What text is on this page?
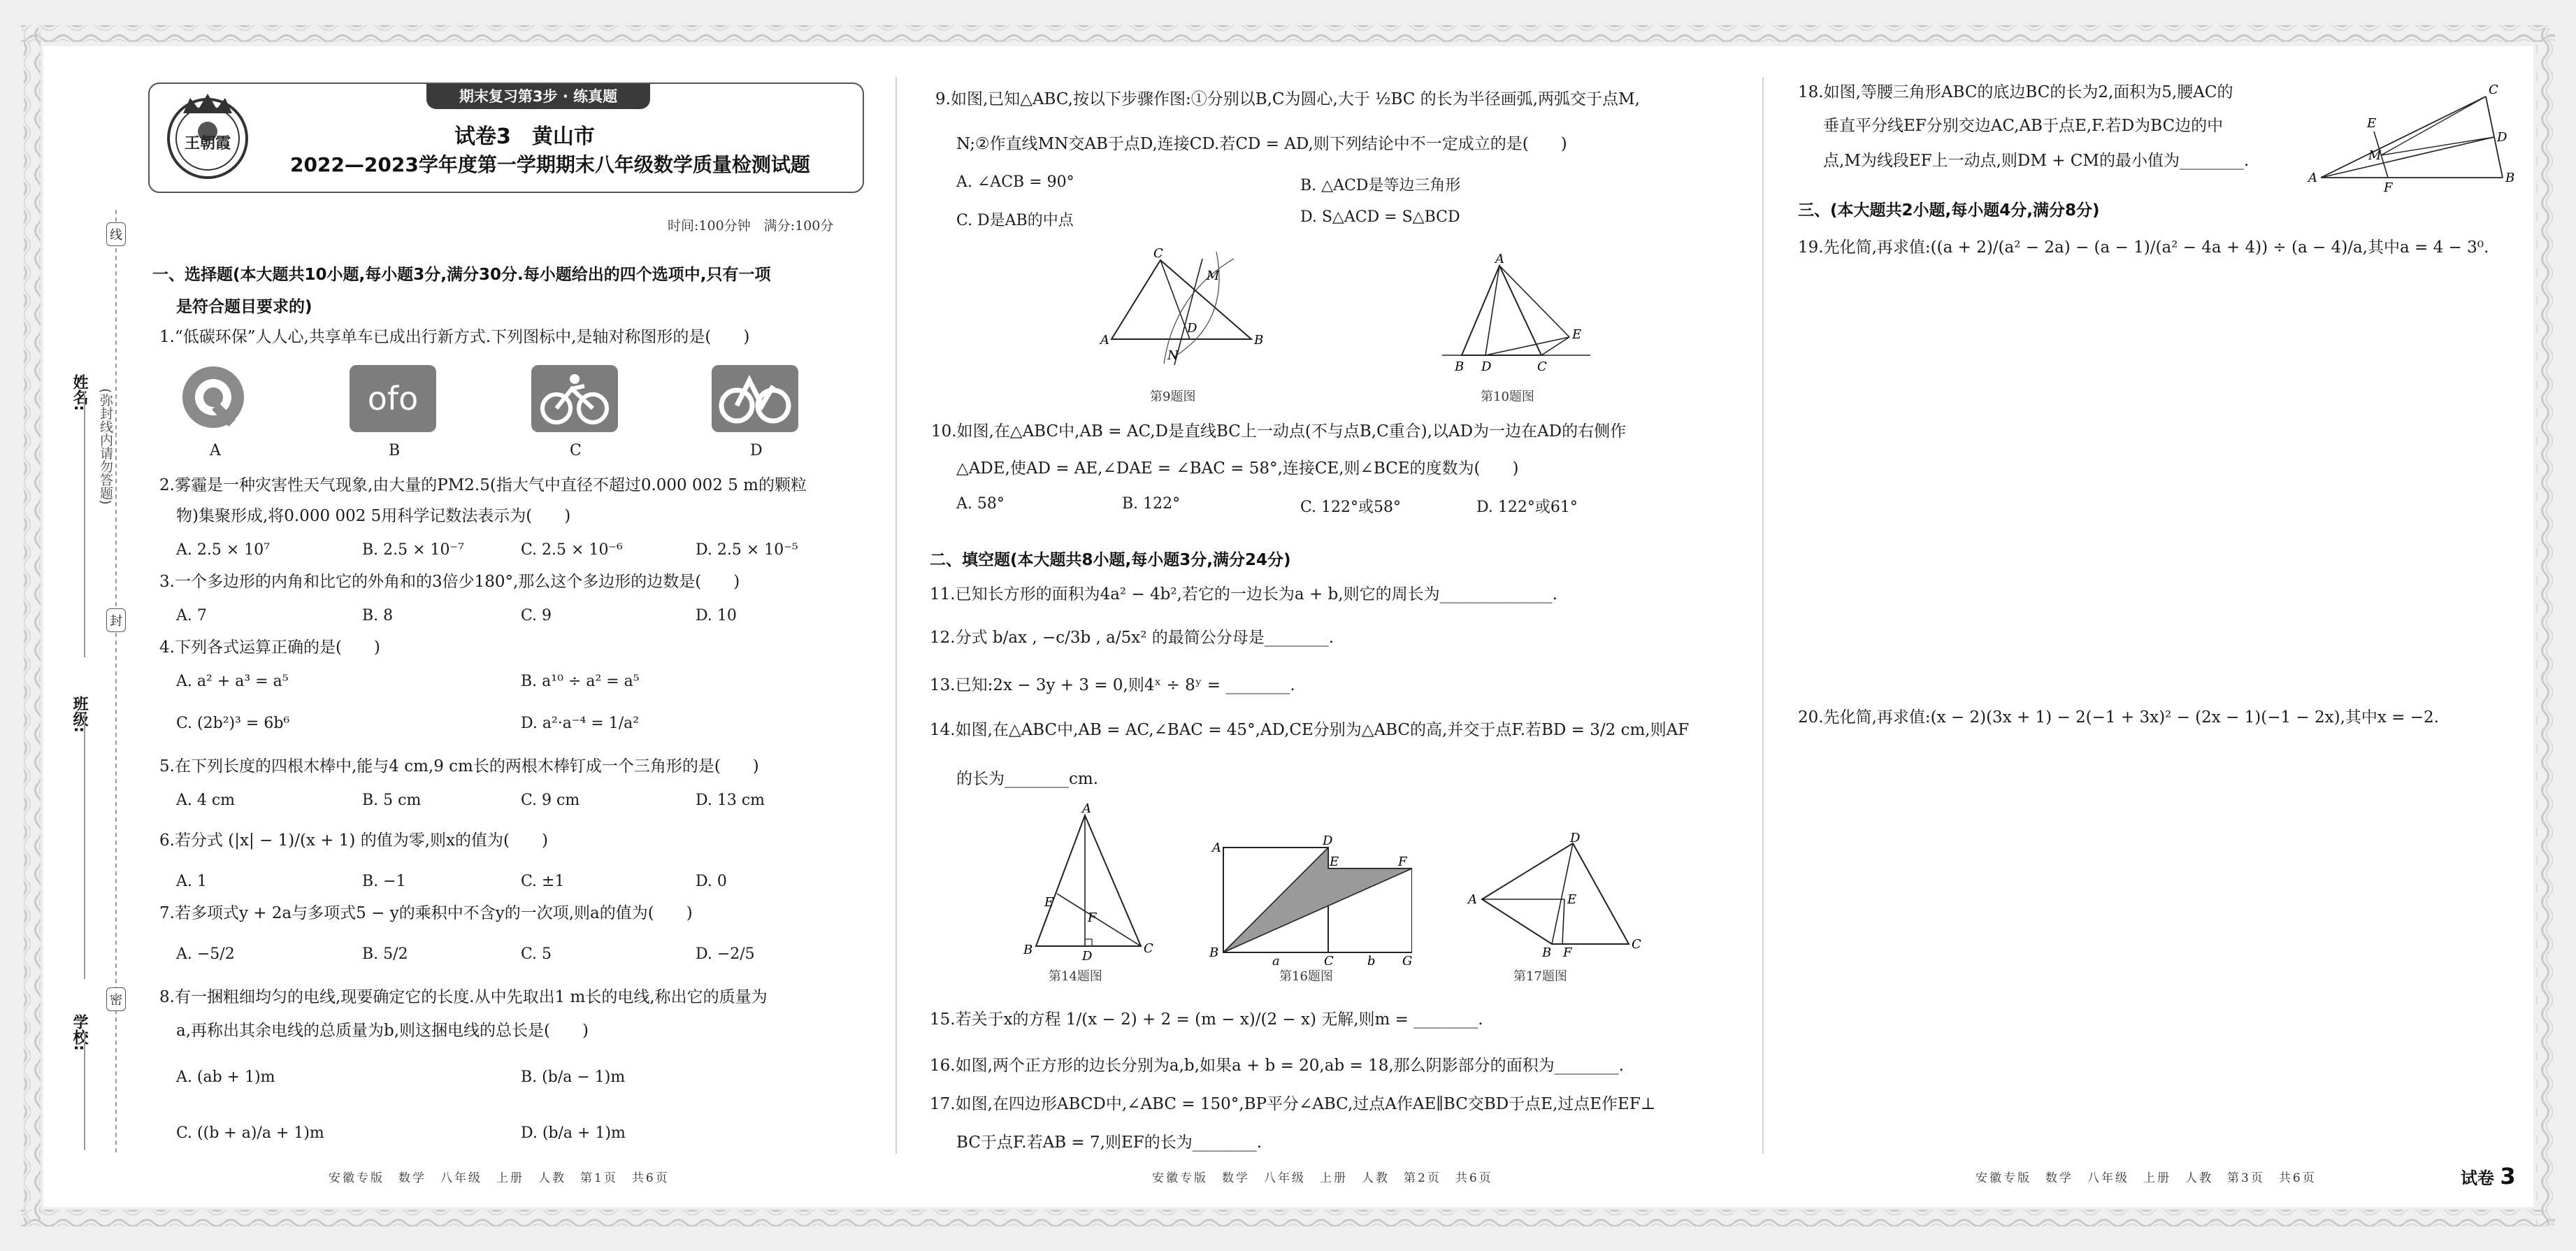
姓名:
班级:
学校:
线
封
密
(弥封线内请勿答题)
期末复习第3步 · 练真题
王朝霞	试卷3　黄山市
2022—2023学年度第一学期期末八年级数学质量检测试题
时间:100分钟　满分:100分
一、选择题(本大题共10小题,每小题3分,满分30分.每小题给出的四个选项中,只有一项
是符合题目要求的)
1.“低碳环保”人人心,共享单车已成出行新方式.下列图标中,是轴对称图形的是(　　)
ofo
A	B	C	D
2.雾霾是一种灾害性天气现象,由大量的PM2.5(指大气中直径不超过0.000 002 5 m的颗粒
物)集聚形成,将0.000 002 5用科学记数法表示为(　　)
A. 2.5 × 10⁷	B. 2.5 × 10⁻⁷	C. 2.5 × 10⁻⁶	D. 2.5 × 10⁻⁵
3.一个多边形的内角和比它的外角和的3倍少180°,那么这个多边形的边数是(　　)
A. 7	B. 8	C. 9	D. 10
4.下列各式运算正确的是(　　)
A. a² + a³ = a⁵	B. a¹⁰ ÷ a² = a⁵
C. (2b²)³ = 6b⁶	D. a²·a⁻⁴ = 1/a²
5.在下列长度的四根木棒中,能与4 cm,9 cm长的两根木棒钉成一个三角形的是(　　)
A. 4 cm	B. 5 cm	C. 9 cm	D. 13 cm
6.若分式 (|x| − 1)/(x + 1) 的值为零,则x的值为(　　)
A. 1	B. −1	C. ±1	D. 0
7.若多项式y + 2a与多项式5 − y的乘积中不含y的一次项,则a的值为(　　)
A. −5/2	B. 5/2	C. 5	D. −2/5
8.有一捆粗细均匀的电线,现要确定它的长度.从中先取出1 m长的电线,称出它的质量为
a,再称出其余电线的总质量为b,则这捆电线的总长是(　　)
A. (ab + 1)m	B. (b/a − 1)m
C. ((b + a)/a + 1)m	D. (b/a + 1)m
安徽专版　数学　八年级　上册　人教　第1页　共6页
9.如图,已知△ABC,按以下步骤作图:①分别以B,C为圆心,大于 ½BC 的长为半径画弧,两弧交于点M,
N;②作直线MN交AB于点D,连接CD.若CD = AD,则下列结论中不一定成立的是(　　)
A. ∠ACB = 90°	B. △ACD是等边三角形
C. D是AB的中点	D. S△ACD = S△BCD
A
C
B
D
M
N
第9题图
A
B D	C
E
第10题图
10.如图,在△ABC中,AB = AC,D是直线BC上一动点(不与点B,C重合),以AD为一边在AD的右侧作
△ADE,使AD = AE,∠DAE = ∠BAC = 58°,连接CE,则∠BCE的度数为(　　)
A. 58°	B. 122°	C. 122°或58°	D. 122°或61°
二、填空题(本大题共8小题,每小题3分,满分24分)
11.已知长方形的面积为4a² − 4b²,若它的一边长为a + b,则它的周长为______________.
12.分式 b/ax , −c/3b , a/5x² 的最简公分母是________.
13.已知:2x − 3y + 3 = 0,则4ˣ ÷ 8ʸ = ________.
14.如图,在△ABC中,AB = AC,∠BAC = 45°,AD,CE分别为△ABC的高,并交于点F.若BD = 3/2 cm,则AF
的长为________cm.
A
B	D
C
E
F
第14题图
A	D
E
B
C
F
G
a	b
第16题图
A
D
E
B F
C
第17题图
15.若关于x的方程 1/(x − 2) + 2 = (m − x)/(2 − x) 无解,则m = ________.
16.如图,两个正方形的边长分别为a,b,如果a + b = 20,ab = 18,那么阴影部分的面积为________.
17.如图,在四边形ABCD中,∠ABC = 150°,BP平分∠ABC,过点A作AE∥BC交BD于点E,过点E作EF⊥
BC于点F.若AB = 7,则EF的长为________.
安徽专版　数学　八年级　上册　人教　第2页　共6页
18.如图,等腰三角形ABC的底边BC的长为2,面积为5,腰AC的
垂直平分线EF分别交边AC,AB于点E,F.若D为BC边的中
点,M为线段EF上一动点,则DM + CM的最小值为________.
A
C
B
D
E
F
M
三、(本大题共2小题,每小题4分,满分8分)
19.先化简,再求值:((a + 2)/(a² − 2a) − (a − 1)/(a² − 4a + 4)) ÷ (a − 4)/a,其中a = 4 − 3⁰.
20.先化简,再求值:(x − 2)(3x + 1) − 2(−1 + 3x)² − (2x − 1)(−1 − 2x),其中x = −2.
安徽专版　数学　八年级　上册　人教　第3页　共6页	试卷 3
